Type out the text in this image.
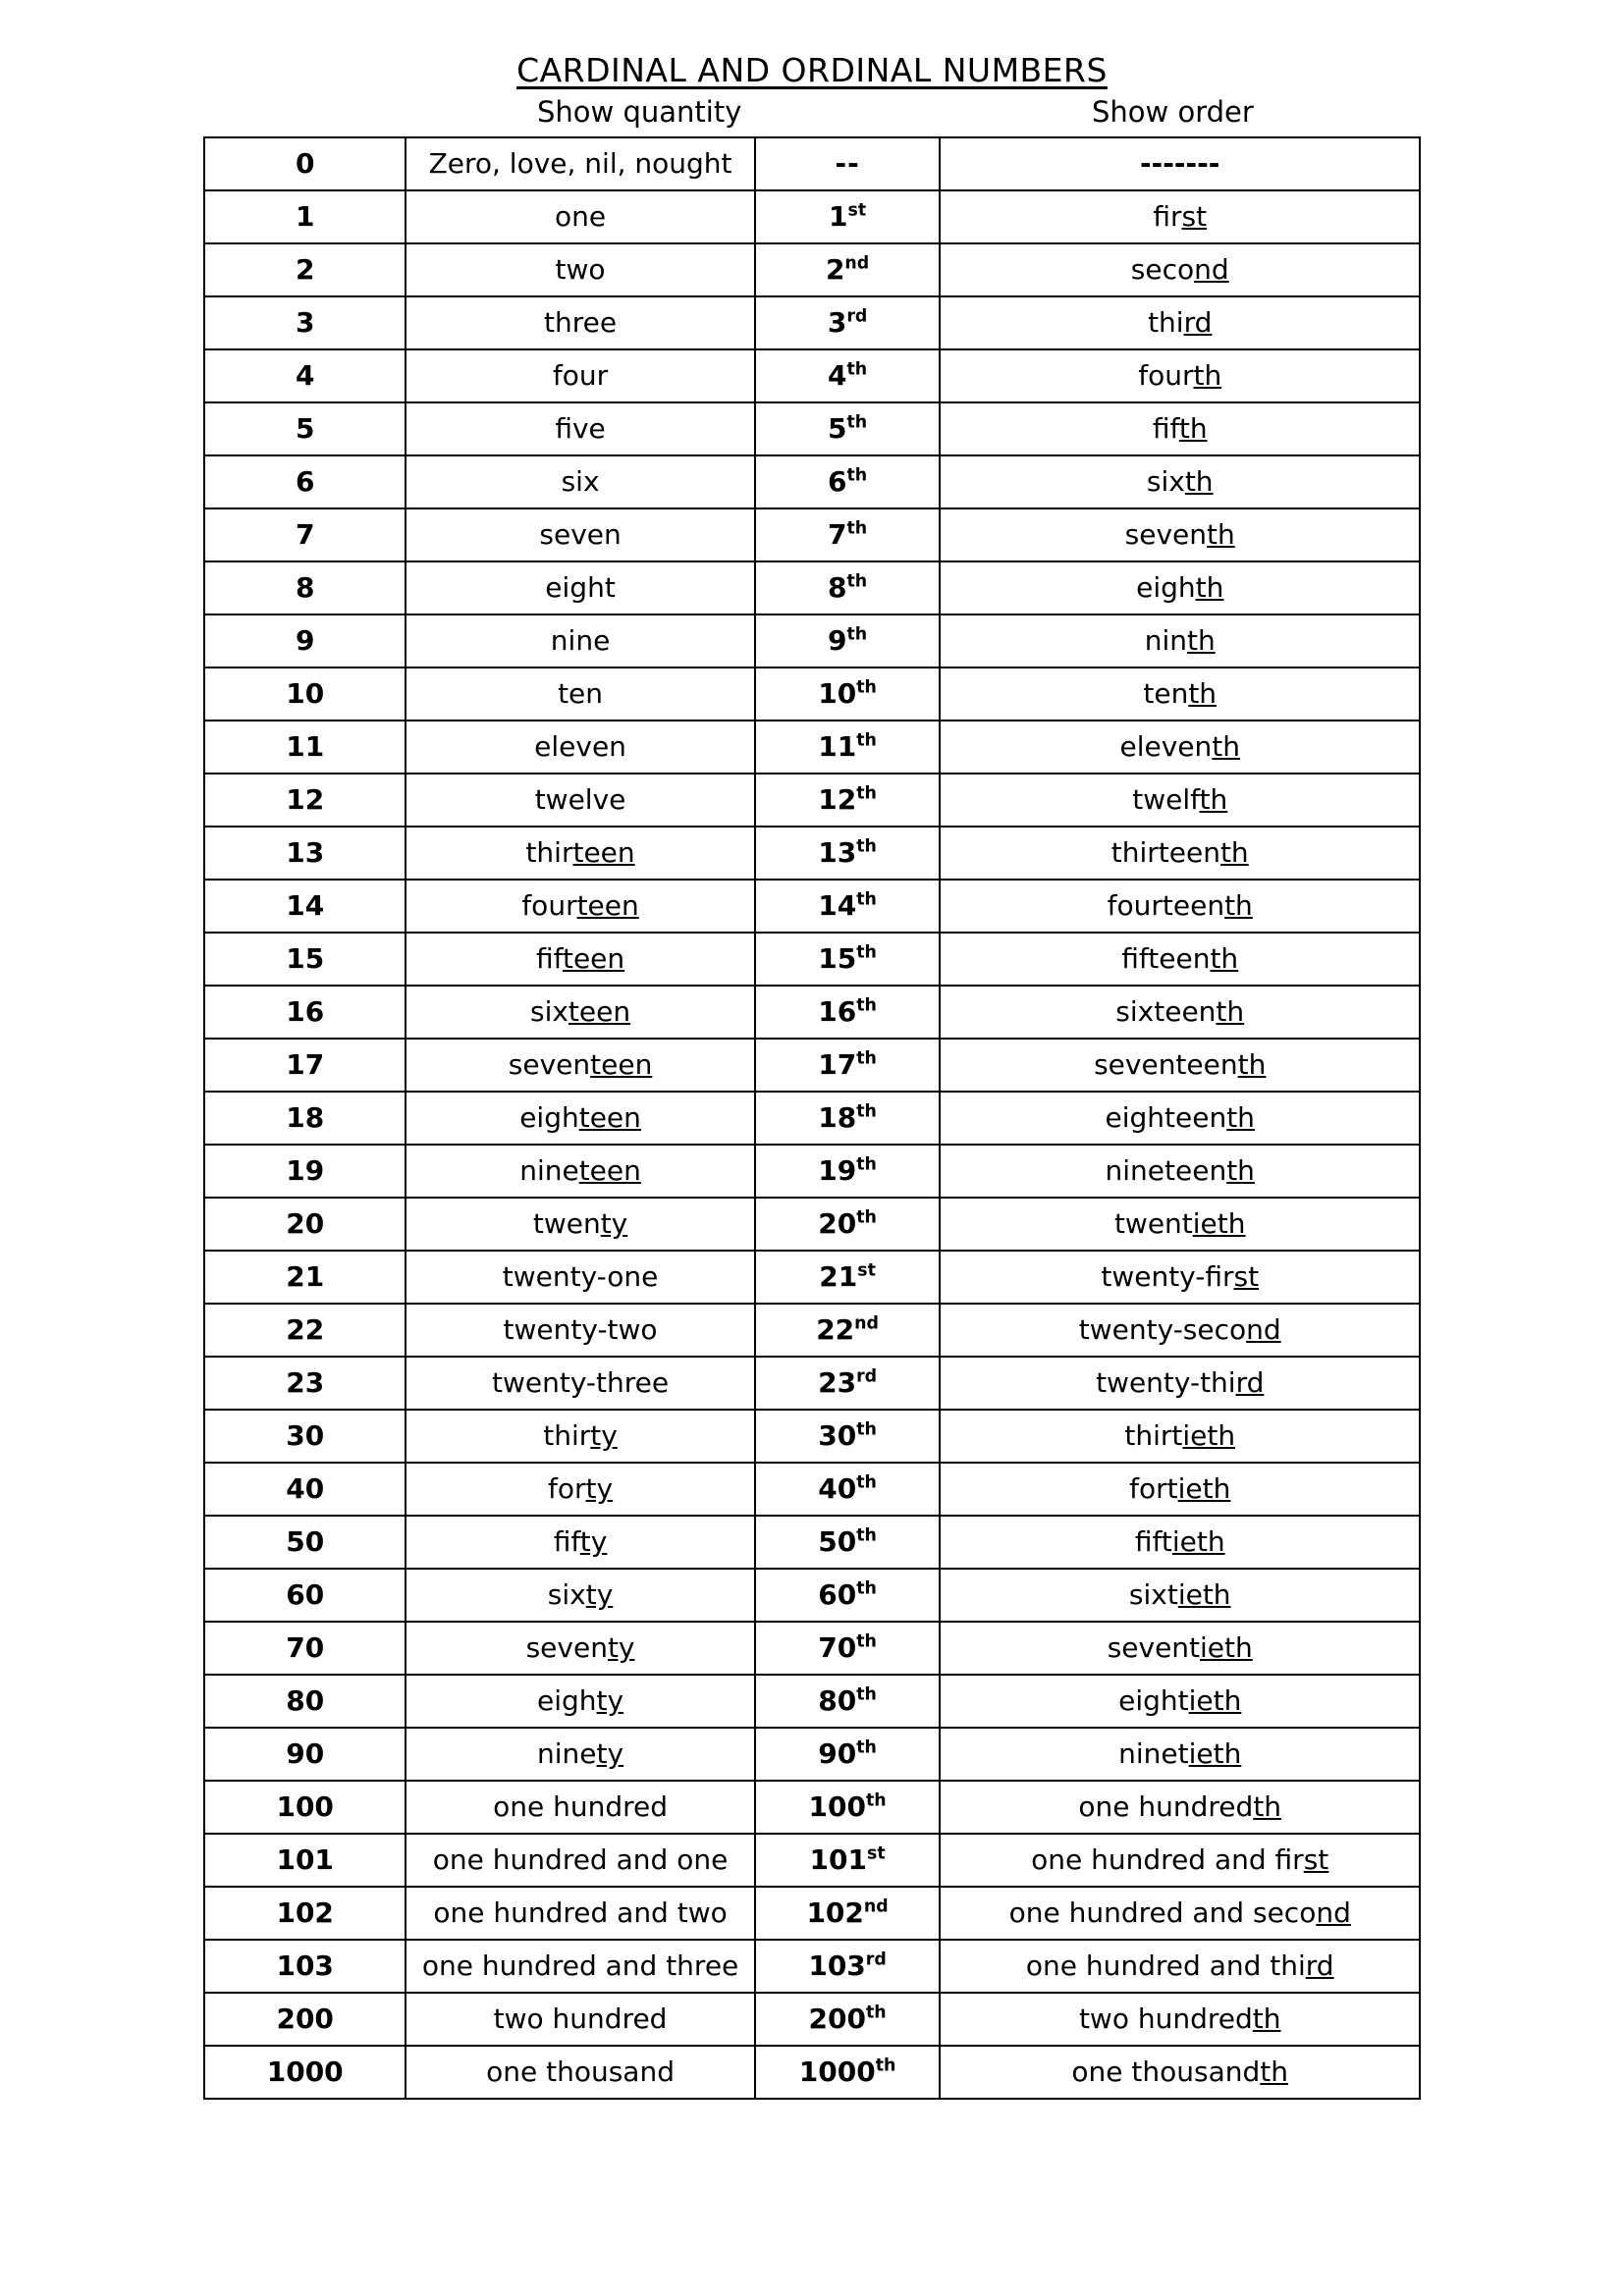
CARDINAL AND ORDINAL NUMBERS
Show quantity	Show order
0	Zero, love, nil, nought	--	-------
1	one	1st	first
2	two	2nd	second
3	three	3rd	third
4	four	4th	fourth
5	five	5th	fifth
6	six	6th	sixth
7	seven	7th	seventh
8	eight	8th	eighth
9	nine	9th	ninth
10	ten	10th	tenth
11	eleven	11th	eleventh
12	twelve	12th	twelfth
13	thirteen	13th	thirteenth
14	fourteen	14th	fourteenth
15	fifteen	15th	fifteenth
16	sixteen	16th	sixteenth
17	seventeen	17th	seventeenth
18	eighteen	18th	eighteenth
19	nineteen	19th	nineteenth
20	twenty	20th	twentieth
21	twenty-one	21st	twenty-first
22	twenty-two	22nd	twenty-second
23	twenty-three	23rd	twenty-third
30	thirty	30th	thirtieth
40	forty	40th	fortieth
50	fifty	50th	fiftieth
60	sixty	60th	sixtieth
70	seventy	70th	seventieth
80	eighty	80th	eightieth
90	ninety	90th	ninetieth
100	one hundred	100th	one hundredth
101	one hundred and one	101st	one hundred and first
102	one hundred and two	102nd	one hundred and second
103	one hundred and three	103rd	one hundred and third
200	two hundred	200th	two hundredth
1000	one thousand	1000th	one thousandth
